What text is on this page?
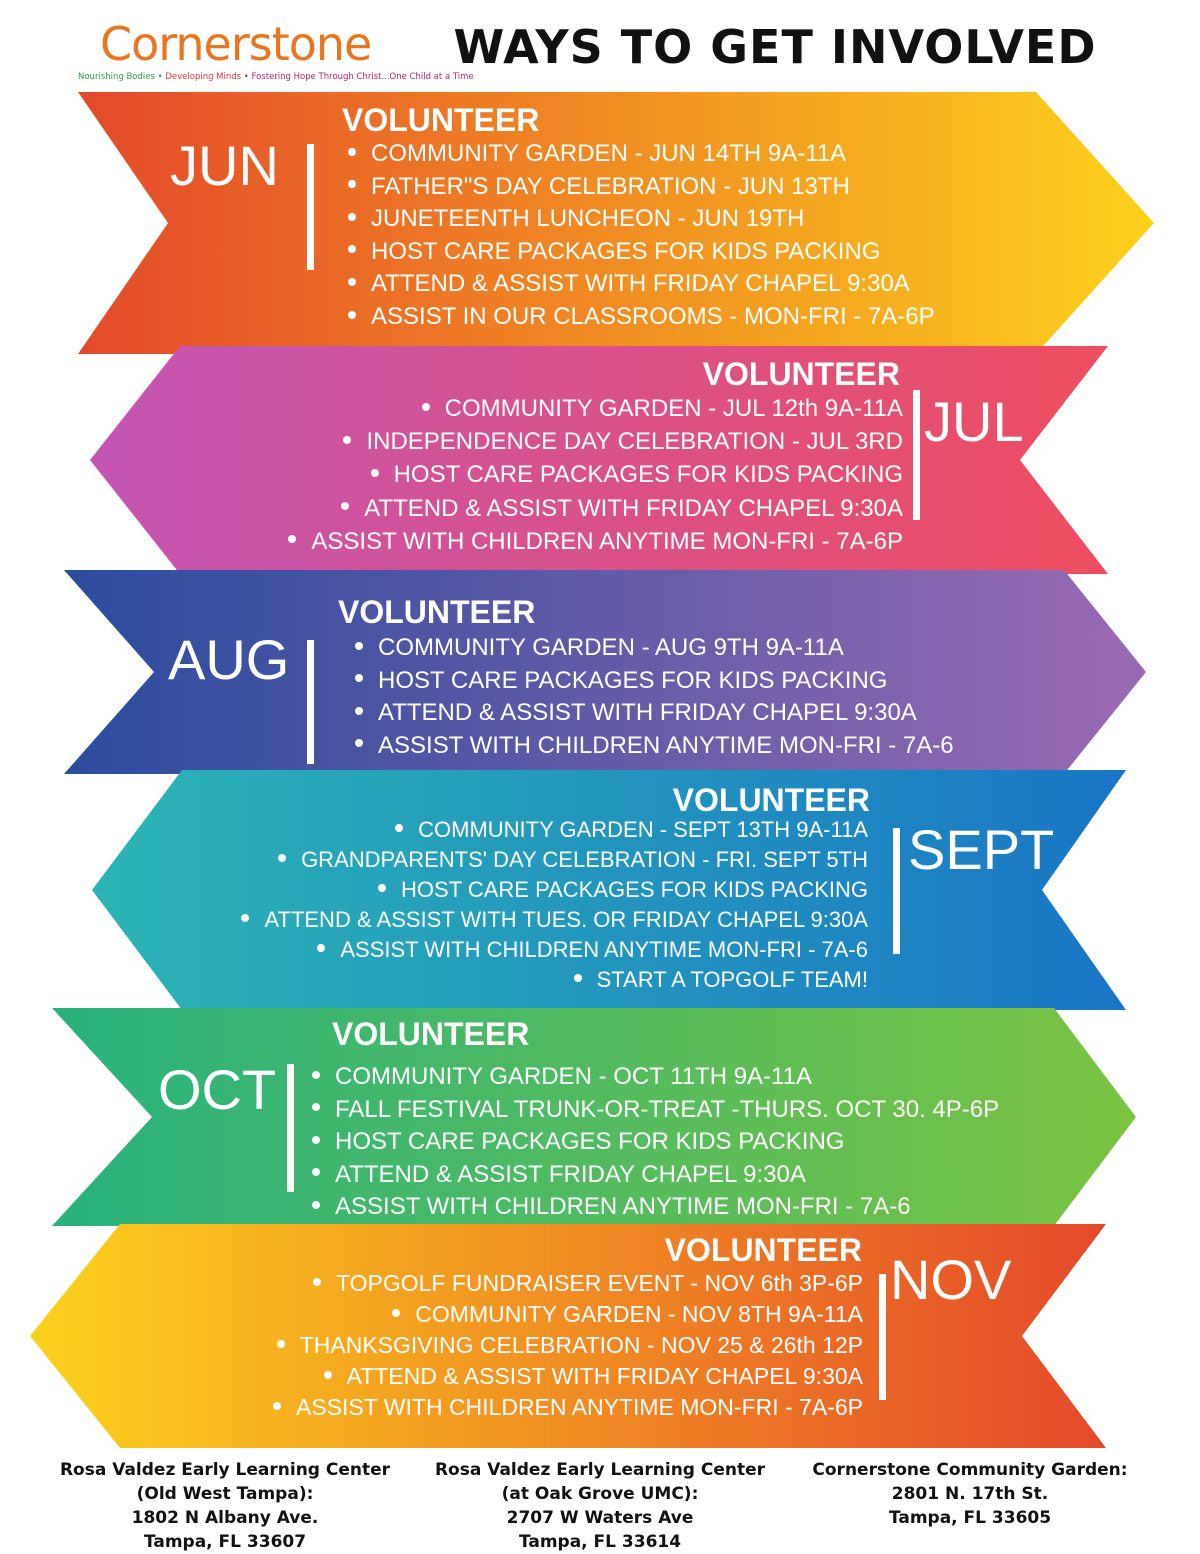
Cornerstone
Nourishing Bodies • Developing Minds • Fostering Hope Through Christ...One Child at a Time
WAYS TO GET INVOLVED
JUN
VOLUNTEER
COMMUNITY GARDEN - JUN 14TH 9A-11A
FATHER"S DAY CELEBRATION - JUN 13TH
JUNETEENTH LUNCHEON - JUN 19TH
HOST CARE PACKAGES FOR KIDS PACKING
ATTEND & ASSIST WITH FRIDAY CHAPEL 9:30A
ASSIST IN OUR CLASSROOMS - MON-FRI - 7A-6P
VOLUNTEER
COMMUNITY GARDEN - JUL 12th 9A-11A
INDEPENDENCE DAY CELEBRATION - JUL 3RD
HOST CARE PACKAGES FOR KIDS PACKING
ATTEND & ASSIST WITH FRIDAY CHAPEL 9:30A
ASSIST WITH CHILDREN ANYTIME MON-FRI - 7A-6P
JUL
AUG
VOLUNTEER
COMMUNITY GARDEN - AUG 9TH 9A-11A
HOST CARE PACKAGES FOR KIDS PACKING
ATTEND & ASSIST WITH FRIDAY CHAPEL 9:30A
ASSIST WITH CHILDREN ANYTIME MON-FRI - 7A-6
VOLUNTEER
COMMUNITY GARDEN - SEPT 13TH 9A-11A
GRANDPARENTS' DAY CELEBRATION - FRI. SEPT 5TH
HOST CARE PACKAGES FOR KIDS PACKING
ATTEND & ASSIST WITH TUES. OR FRIDAY CHAPEL 9:30A
ASSIST WITH CHILDREN ANYTIME MON-FRI - 7A-6
START A TOPGOLF TEAM!
SEPT
OCT
VOLUNTEER
COMMUNITY GARDEN - OCT 11TH 9A-11A
FALL FESTIVAL TRUNK-OR-TREAT -THURS. OCT 30. 4P-6P
HOST CARE PACKAGES FOR KIDS PACKING
ATTEND & ASSIST FRIDAY CHAPEL 9:30A
ASSIST WITH CHILDREN ANYTIME MON-FRI - 7A-6
VOLUNTEER
TOPGOLF FUNDRAISER EVENT - NOV 6th 3P-6P
COMMUNITY GARDEN - NOV 8TH 9A-11A
THANKSGIVING CELEBRATION - NOV 25 & 26th 12P
ATTEND & ASSIST WITH FRIDAY CHAPEL 9:30A
ASSIST WITH CHILDREN ANYTIME MON-FRI - 7A-6P
NOV
Rosa Valdez Early Learning Center
(Old West Tampa):
1802 N Albany Ave.
Tampa, FL 33607
Rosa Valdez Early Learning Center
(at Oak Grove UMC):
2707 W Waters Ave
Tampa, FL 33614
Cornerstone Community Garden:
2801 N. 17th St.
Tampa, FL 33605
